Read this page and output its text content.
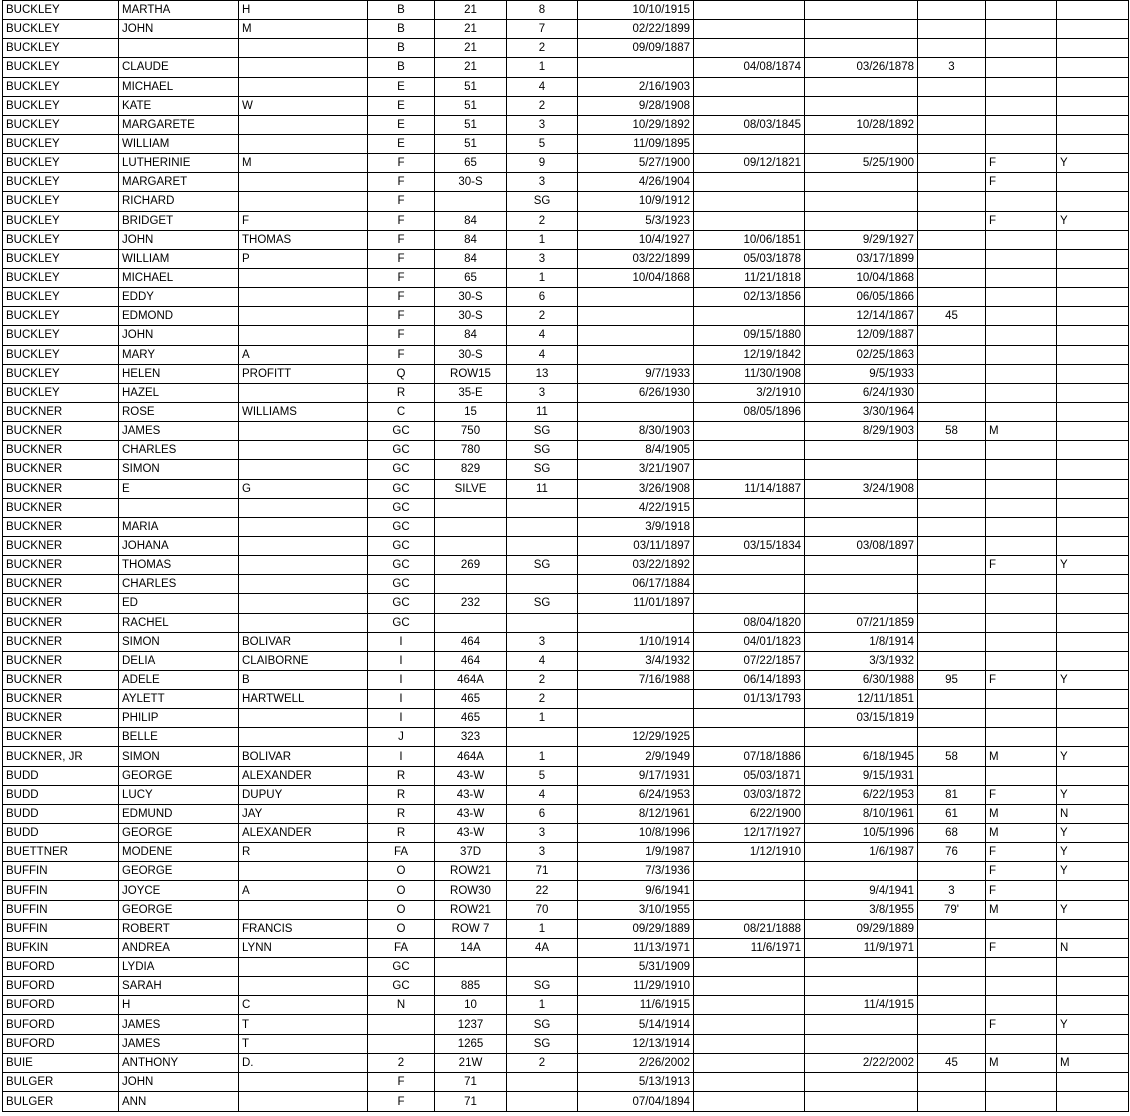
BUCKLEY	MARTHA	H	B	21	8	10/10/1915					
BUCKLEY	JOHN	M	B	21	7	02/22/1899					
BUCKLEY			B	21	2	09/09/1887					
BUCKLEY	CLAUDE		B	21	1		04/08/1874	03/26/1878	3		
BUCKLEY	MICHAEL		E	51	4	2/16/1903					
BUCKLEY	KATE	W	E	51	2	9/28/1908					
BUCKLEY	MARGARETE		E	51	3	10/29/1892	08/03/1845	10/28/1892			
BUCKLEY	WILLIAM		E	51	5	11/09/1895					
BUCKLEY	LUTHERINIE	M	F	65	9	5/27/1900	09/12/1821	5/25/1900		F	Y
BUCKLEY	MARGARET		F	30-S	3	4/26/1904				F	
BUCKLEY	RICHARD		F		SG	10/9/1912					
BUCKLEY	BRIDGET	F	F	84	2	5/3/1923				F	Y
BUCKLEY	JOHN	THOMAS	F	84	1	10/4/1927	10/06/1851	9/29/1927			
BUCKLEY	WILLIAM	P	F	84	3	03/22/1899	05/03/1878	03/17/1899			
BUCKLEY	MICHAEL		F	65	1	10/04/1868	11/21/1818	10/04/1868			
BUCKLEY	EDDY		F	30-S	6		02/13/1856	06/05/1866			
BUCKLEY	EDMOND		F	30-S	2			12/14/1867	45		
BUCKLEY	JOHN		F	84	4		09/15/1880	12/09/1887			
BUCKLEY	MARY	A	F	30-S	4		12/19/1842	02/25/1863			
BUCKLEY	HELEN	PROFITT	Q	ROW15	13	9/7/1933	11/30/1908	9/5/1933			
BUCKLEY	HAZEL		R	35-E	3	6/26/1930	3/2/1910	6/24/1930			
BUCKNER	ROSE	WILLIAMS	C	15	11		08/05/1896	3/30/1964			
BUCKNER	JAMES		GC	750	SG	8/30/1903		8/29/1903	58	M	
BUCKNER	CHARLES		GC	780	SG	8/4/1905					
BUCKNER	SIMON		GC	829	SG	3/21/1907					
BUCKNER	E	G	GC	SILVE	11	3/26/1908	11/14/1887	3/24/1908			
BUCKNER			GC			4/22/1915					
BUCKNER	MARIA		GC			3/9/1918					
BUCKNER	JOHANA		GC			03/11/1897	03/15/1834	03/08/1897			
BUCKNER	THOMAS		GC	269	SG	03/22/1892				F	Y
BUCKNER	CHARLES		GC			06/17/1884					
BUCKNER	ED		GC	232	SG	11/01/1897					
BUCKNER	RACHEL		GC				08/04/1820	07/21/1859			
BUCKNER	SIMON	BOLIVAR	I	464	3	1/10/1914	04/01/1823	1/8/1914			
BUCKNER	DELIA	CLAIBORNE	I	464	4	3/4/1932	07/22/1857	3/3/1932			
BUCKNER	ADELE	B	I	464A	2	7/16/1988	06/14/1893	6/30/1988	95	F	Y
BUCKNER	AYLETT	HARTWELL	I	465	2		01/13/1793	12/11/1851			
BUCKNER	PHILIP		I	465	1			03/15/1819			
BUCKNER	BELLE		J	323		12/29/1925					
BUCKNER, JR	SIMON	BOLIVAR	I	464A	1	2/9/1949	07/18/1886	6/18/1945	58	M	Y
BUDD	GEORGE	ALEXANDER	R	43-W	5	9/17/1931	05/03/1871	9/15/1931			
BUDD	LUCY	DUPUY	R	43-W	4	6/24/1953	03/03/1872	6/22/1953	81	F	Y
BUDD	EDMUND	JAY	R	43-W	6	8/12/1961	6/22/1900	8/10/1961	61	M	N
BUDD	GEORGE	ALEXANDER	R	43-W	3	10/8/1996	12/17/1927	10/5/1996	68	M	Y
BUETTNER	MODENE	R	FA	37D	3	1/9/1987	1/12/1910	1/6/1987	76	F	Y
BUFFIN	GEORGE		O	ROW21	71	7/3/1936				F	Y
BUFFIN	JOYCE	A	O	ROW30	22	9/6/1941		9/4/1941	3	F	
BUFFIN	GEORGE		O	ROW21	70	3/10/1955		3/8/1955	79'	M	Y
BUFFIN	ROBERT	FRANCIS	O	ROW 7	1	09/29/1889	08/21/1888	09/29/1889			
BUFKIN	ANDREA	LYNN	FA	14A	4A	11/13/1971	11/6/1971	11/9/1971		F	N
BUFORD	LYDIA		GC			5/31/1909					
BUFORD	SARAH		GC	885	SG	11/29/1910					
BUFORD	H	C	N	10	1	11/6/1915		11/4/1915			
BUFORD	JAMES	T		1237	SG	5/14/1914				F	Y
BUFORD	JAMES	T		1265	SG	12/13/1914					
BUIE	ANTHONY	D.	2	21W	2	2/26/2002		2/22/2002	45	M	M
BULGER	JOHN		F	71		5/13/1913					
BULGER	ANN		F	71		07/04/1894					
